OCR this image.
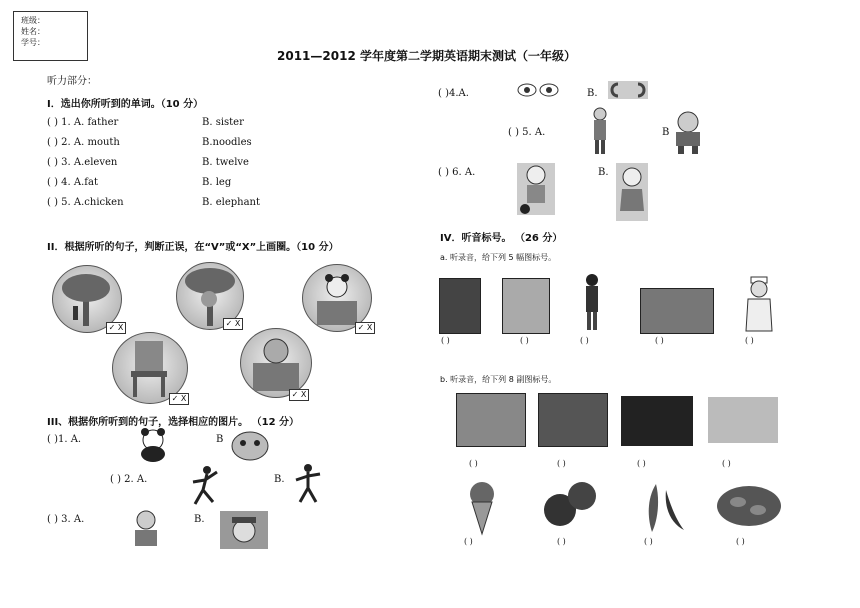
班级：
姓名：
学号：
2011—2012 学年度第二学期英语期末测试（一年级）
听力部分：
I．选出你所听到的单词。（10 分）
( ) 1. A. father	B. sister
( ) 2. A. mouth	B.noodles
( ) 3. A.eleven	B. twelve
( ) 4. A.fat	B. leg
( ) 5. A.chicken	B. elephant
II．根据所听的句子，判断正误，在“V”或“X”上画圈。（10 分）
✓ X	✓ X	✓ X
✓ X	✓ X
III、根据你所听到的句子，选择相应的图片。 （12 分）
( )1. A.	B
( ) 2. A.	B.
( ) 3. A.	B.
( )4.A.	B.
( ) 5. A.	B
( ) 6. A.	B.
IV．听音标号。 （26 分）
a. 听录音，给下列 5 幅图标号。
( )	( )	( )	( )	( )
b. 听录音，给下列 8 副图标号。
( )	( )	( )	( )
( )	( )	( )	( )
